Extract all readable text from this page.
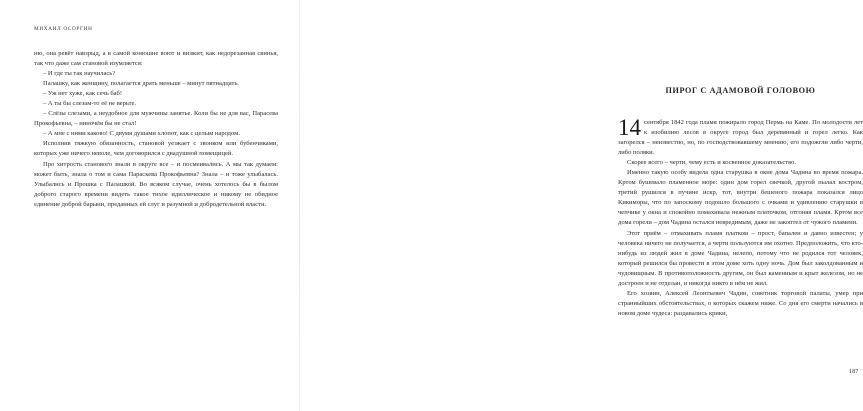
МИХАИЛ ОСОРГИН

ню, она ревёт навзрыд, а в самой конюшне воют и визжит, как недорезанная свинья, так что даже сам становой изумляется:

– И где ты так научилась?

Палашку, как женщину, полагается драть меньше – минут пятнадцать.

– Уж нет хуже, как сечь баб!

– А ты бы слезам-то её не верьте.

– Слёзы слезами, а неудобное для мужчины занятье. Коли бы не для вас, Парасева Прокофьевна, – ниночём бы не стал!

– А мне с ними каково! С двумя душами хлопот, как с целым народом.

Исполнив тяжкую обязанность, становой уезжает с звонком или бубенчиками, которых уже ничего неволе, чем договорился с двадушной помещицей.

Про хитрость станового знали в округе все – и посмеивались. А мы так думаем: может быть, знала о том и сама Параскева Прокофьевна? Знала – и тоже улыбалась. Улыбались и Прошка с Палашкой. Во всяком случае, очень хотелось бы в былом доброго старого времени видеть такое тихое идиллическое и никому не обидное единение доброй барыни, преданных ей слуг и разумной и добродетельной власти.

ПИРОГ С АДАМОВОЙ ГОЛОВОЮ

14 сентября 1842 года пламя пожирало город Пермь на Каме. По молодости лет к изобилию лесов в округе город был деревянный и горел легко. Как загорелся – неизвестно, но, по господствовавшему мнению, его подожгли либо черти, либо поляки.

Скорее всего – черти, чему есть и косвенное доказательство.

Именно такую особу видела одна старушка в окне дома Чадина во время пожара. Кртом бушевало пламенное море: один дом горел свечкой, другой пылал костром, третий рушился в пучине искр, тот, внутри бешеного пожара показался лицо Кикиморы, что по запоскому подошло большого с очками и удивлению старушки в чепчике у окна и спокойно помахивала нежным платочком, отгоняя пламя. Кртом все дома горели – дом Чадина остался невредимым, даже не закоптел от чужого пламени.

Этот приём – отмахивать пламя платком – прост, бапален и давно известен; у человека ничего не получается, а черти пользуются им охотно. Предположить, что кто-нибудь из людей жил в доме Чадина, нелепо, потому что не родился тот человек, который решился бы провести в этом доме хоть одну ночь. Дом был заколдованным и чудовищным. В противоположность другим, он был каменным и крыт железом, но не достроен и не отделан, и никогда никто в нём не жил.

Его хозяин, Алексей Леонтьевич Чадин, советник торговой палаты, умер при странныйших обстоятельствах, о которых скажем ниже. Со дня его смерти начались в новом доме чудеса: раздавались крики,

187
